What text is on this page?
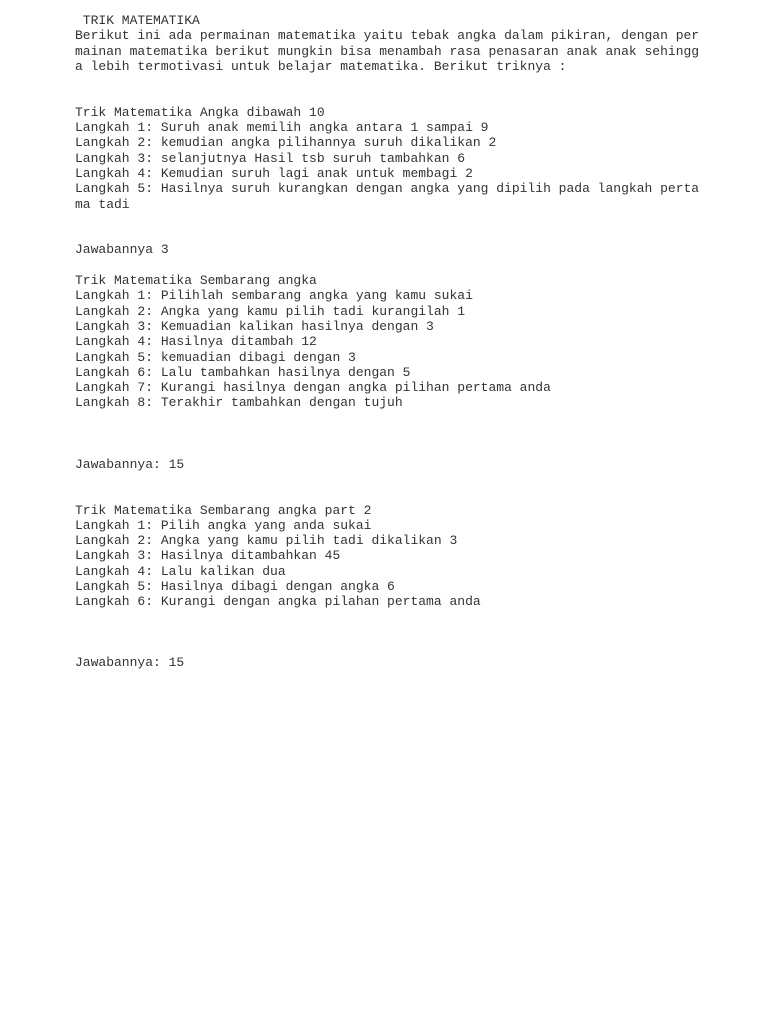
TRIK MATEMATIKA
Berikut ini ada permainan matematika yaitu tebak angka dalam pikiran, dengan per
mainan matematika berikut mungkin bisa menambah rasa penasaran anak anak sehingg
a lebih termotivasi untuk belajar matematika. Berikut triknya :
Trik Matematika Angka dibawah 10
Langkah 1: Suruh anak memilih angka antara 1 sampai 9
Langkah 2: kemudian angka pilihannya suruh dikalikan 2
Langkah 3: selanjutnya Hasil tsb suruh tambahkan 6
Langkah 4: Kemudian suruh lagi anak untuk membagi 2
Langkah 5: Hasilnya suruh kurangkan dengan angka yang dipilih pada langkah perta
ma tadi
Jawabannya 3
Trik Matematika Sembarang angka
Langkah 1: Pilihlah sembarang angka yang kamu sukai
Langkah 2: Angka yang kamu pilih tadi kurangilah 1
Langkah 3: Kemuadian kalikan hasilnya dengan 3
Langkah 4: Hasilnya ditambah 12
Langkah 5: kemuadian dibagi dengan 3
Langkah 6: Lalu tambahkan hasilnya dengan 5
Langkah 7: Kurangi hasilnya dengan angka pilihan pertama anda
Langkah 8: Terakhir tambahkan dengan tujuh
Jawabannya: 15
Trik Matematika Sembarang angka part 2
Langkah 1: Pilih angka yang anda sukai
Langkah 2: Angka yang kamu pilih tadi dikalikan 3
Langkah 3: Hasilnya ditambahkan 45
Langkah 4: Lalu kalikan dua
Langkah 5: Hasilnya dibagi dengan angka 6
Langkah 6: Kurangi dengan angka pilahan pertama anda
Jawabannya: 15
